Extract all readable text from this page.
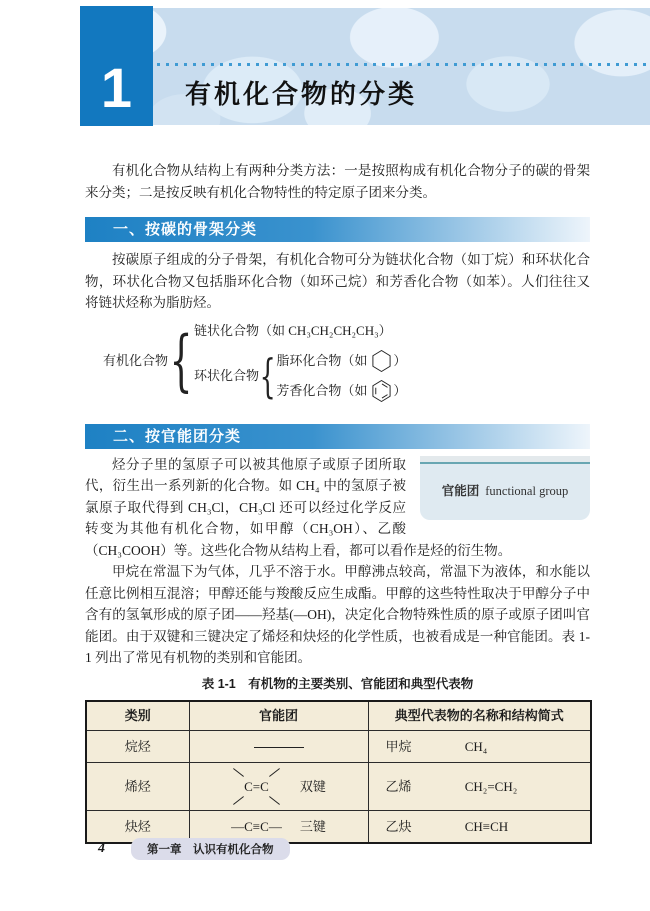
有机化合物的分类
1

有机化合物从结构上有两种分类方法：一是按照构成有机化合物分子的碳的骨架来分类；二是按反映有机化合物特性的特定原子团来分类。

一、按碳的骨架分类

按碳原子组成的分子骨架，有机化合物可分为链状化合物（如丁烷）和环状化合物，环状化合物又包括脂环化合物（如环己烷）和芳香化合物（如苯）。人们往往又将链状烃称为脂肪烃。

有机化合物 { 链状化合物（如 CH₃CH₂CH₂CH₃）
环状化合物 { 脂环化合物（如 ）
芳香化合物（如 ）
二、按官能团分类
官能团 functional group

烃分子里的氢原子可以被其他原子或原子团所取代，衍生出一系列新的化合物。如 CH₄ 中的氢原子被氯原子取代得到 CH₃Cl，CH₃Cl 还可以经过化学反应转变为其他有机化合物，如甲醇（CH₃OH）、乙酸（CH₃COOH）等。这些化合物从结构上看，都可以看作是烃的衍生物。

甲烷在常温下为气体，几乎不溶于水。甲醇沸点较高，常温下为液体，和水能以任意比例相互混溶；甲醇还能与羧酸反应生成酯。甲醇的这些特性取决于甲醇分子中含有的氢氧形成的原子团——羟基(—OH)，决定化合物特殊性质的原子或原子团叫官能团。由于双键和三键决定了烯烃和炔烃的化学性质，也被看成是一种官能团。表 1-1 列出了常见有机物的类别和官能团。

表 1-1　有机物的主要类别、官能团和典型代表物
类别	官能团	典型代表物的名称和结构简式
烷烃		甲烷 CH₄
烯烃	C=C 双键	乙烯 CH₂=CH₂
炔烃	—C≡C— 三键	乙炔 CH≡CH
4	第一章　认识有机化合物
